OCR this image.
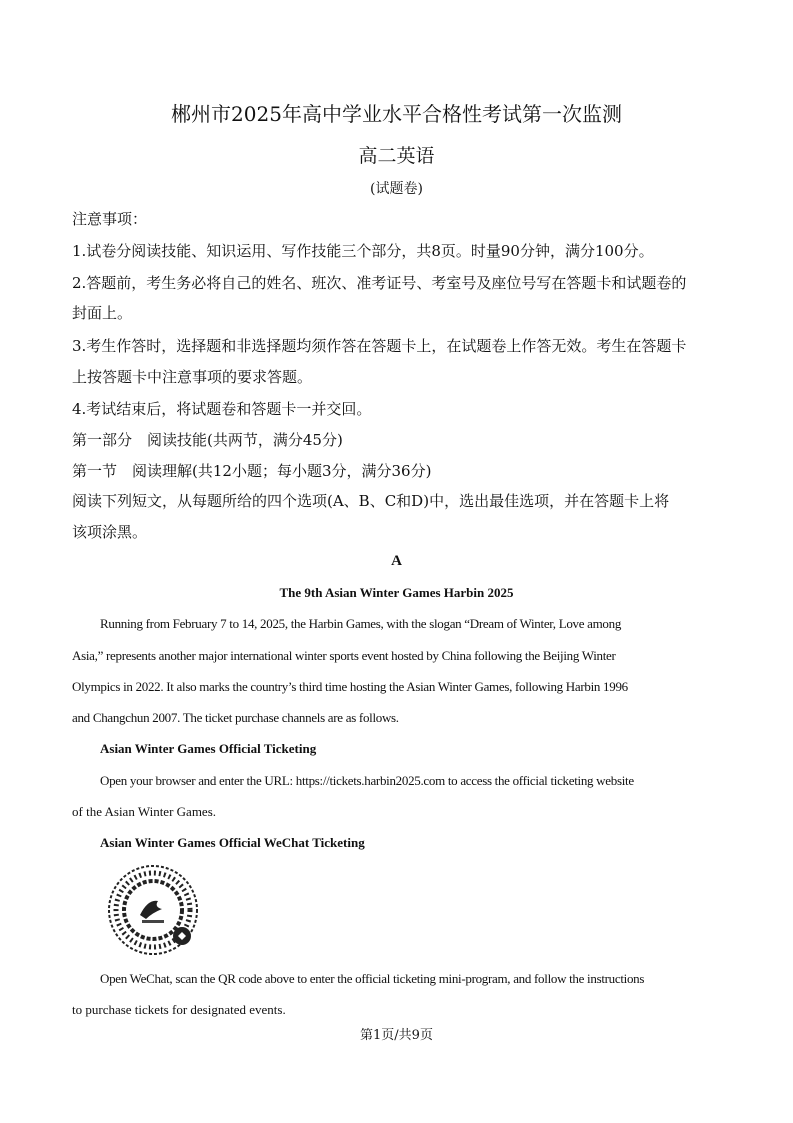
郴州市2025年高中学业水平合格性考试第一次监测
高二英语
(试题卷)
注意事项：
1.试卷分阅读技能、知识运用、写作技能三个部分，共8页。时量90分钟，满分100分。
2.答题前，考生务必将自己的姓名、班次、准考证号、考室号及座位号写在答题卡和试题卷的
封面上。
3.考生作答时，选择题和非选择题均须作答在答题卡上，在试题卷上作答无效。考生在答题卡
上按答题卡中注意事项的要求答题。
4.考试结束后，将试题卷和答题卡一并交回。
第一部分　阅读技能(共两节，满分45分)
第一节　阅读理解(共12小题；每小题3分，满分36分)
阅读下列短文，从每题所给的四个选项(A、B、C和D)中，选出最佳选项，并在答题卡上将
该项涂黑。
A
The 9th Asian Winter Games Harbin 2025
Running from February 7 to 14, 2025, the Harbin Games, with the slogan “Dream of Winter, Love among
Asia,” represents another major international winter sports event hosted by China following the Beijing Winter
Olympics in 2022. It also marks the country’s third time hosting the Asian Winter Games, following Harbin 1996
and Changchun 2007. The ticket purchase channels are as follows.
Asian Winter Games Official Ticketing
Open your browser and enter the URL: https://tickets.harbin2025.com to access the official ticketing website
of the Asian Winter Games.
Asian Winter Games Official WeChat Ticketing
Open WeChat, scan the QR code above to enter the official ticketing mini-program, and follow the instructions
to purchase tickets for designated events.
第1页/共9页
